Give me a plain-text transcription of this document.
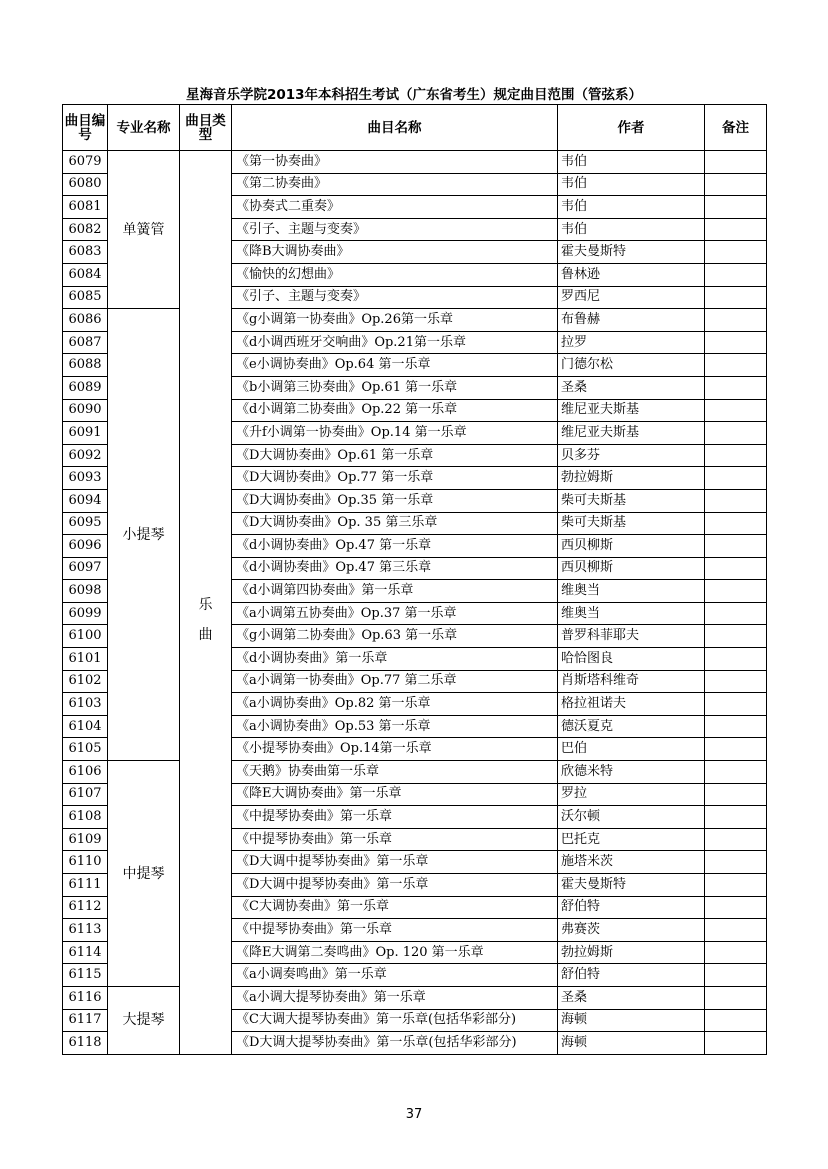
星海音乐学院2013年本科招生考试（广东省考生）规定曲目范围（管弦系）
曲目编号	专业名称	曲目类型	曲目名称	作者	备注
6079	单簧管	乐曲	《第一协奏曲》	韦伯	
6080			《第二协奏曲》	韦伯	
6081			《协奏式二重奏》	韦伯	
6082			《引子、主题与变奏》	韦伯	
6083			《降B大调协奏曲》	霍夫曼斯特	
6084			《愉快的幻想曲》	鲁林逊	
6085			《引子、主题与变奏》	罗西尼	
6086	小提琴		《g小调第一协奏曲》Op.26第一乐章	布鲁赫	
6087			《d小调西班牙交响曲》Op.21第一乐章	拉罗	
6088			《e小调协奏曲》Op.64 第一乐章	门德尔松	
6089			《b小调第三协奏曲》Op.61 第一乐章	圣桑	
6090			《d小调第二协奏曲》Op.22 第一乐章	维尼亚夫斯基	
6091			《升f小调第一协奏曲》Op.14 第一乐章	维尼亚夫斯基	
6092			《D大调协奏曲》Op.61 第一乐章	贝多芬	
6093			《D大调协奏曲》Op.77 第一乐章	勃拉姆斯	
6094			《D大调协奏曲》Op.35 第一乐章	柴可夫斯基	
6095			《D大调协奏曲》Op. 35 第三乐章	柴可夫斯基	
6096			《d小调协奏曲》Op.47 第一乐章	西贝柳斯	
6097			《d小调协奏曲》Op.47 第三乐章	西贝柳斯	
6098			《d小调第四协奏曲》第一乐章	维奥当	
6099			《a小调第五协奏曲》Op.37 第一乐章	维奥当	
6100			《g小调第二协奏曲》Op.63 第一乐章	普罗科菲耶夫	
6101			《d小调协奏曲》第一乐章	哈恰图良	
6102			《a小调第一协奏曲》Op.77 第二乐章	肖斯塔科维奇	
6103			《a小调协奏曲》Op.82 第一乐章	格拉祖诺夫	
6104			《a小调协奏曲》Op.53 第一乐章	德沃夏克	
6105			《小提琴协奏曲》Op.14第一乐章	巴伯	
6106	中提琴		《天鹅》协奏曲第一乐章	欣德米特	
6107			《降E大调协奏曲》第一乐章	罗拉	
6108			《中提琴协奏曲》第一乐章	沃尔顿	
6109			《中提琴协奏曲》第一乐章	巴托克	
6110			《D大调中提琴协奏曲》第一乐章	施塔米茨	
6111			《D大调中提琴协奏曲》第一乐章	霍夫曼斯特	
6112			《C大调协奏曲》第一乐章	舒伯特	
6113			《中提琴协奏曲》第一乐章	弗赛茨	
6114			《降E大调第二奏鸣曲》Op. 120 第一乐章	勃拉姆斯	
6115			《a小调奏鸣曲》第一乐章	舒伯特	
6116	大提琴		《a小调大提琴协奏曲》第一乐章	圣桑	
6117			《C大调大提琴协奏曲》第一乐章(包括华彩部分)	海顿	
6118			《D大调大提琴协奏曲》第一乐章(包括华彩部分)	海顿	
37
